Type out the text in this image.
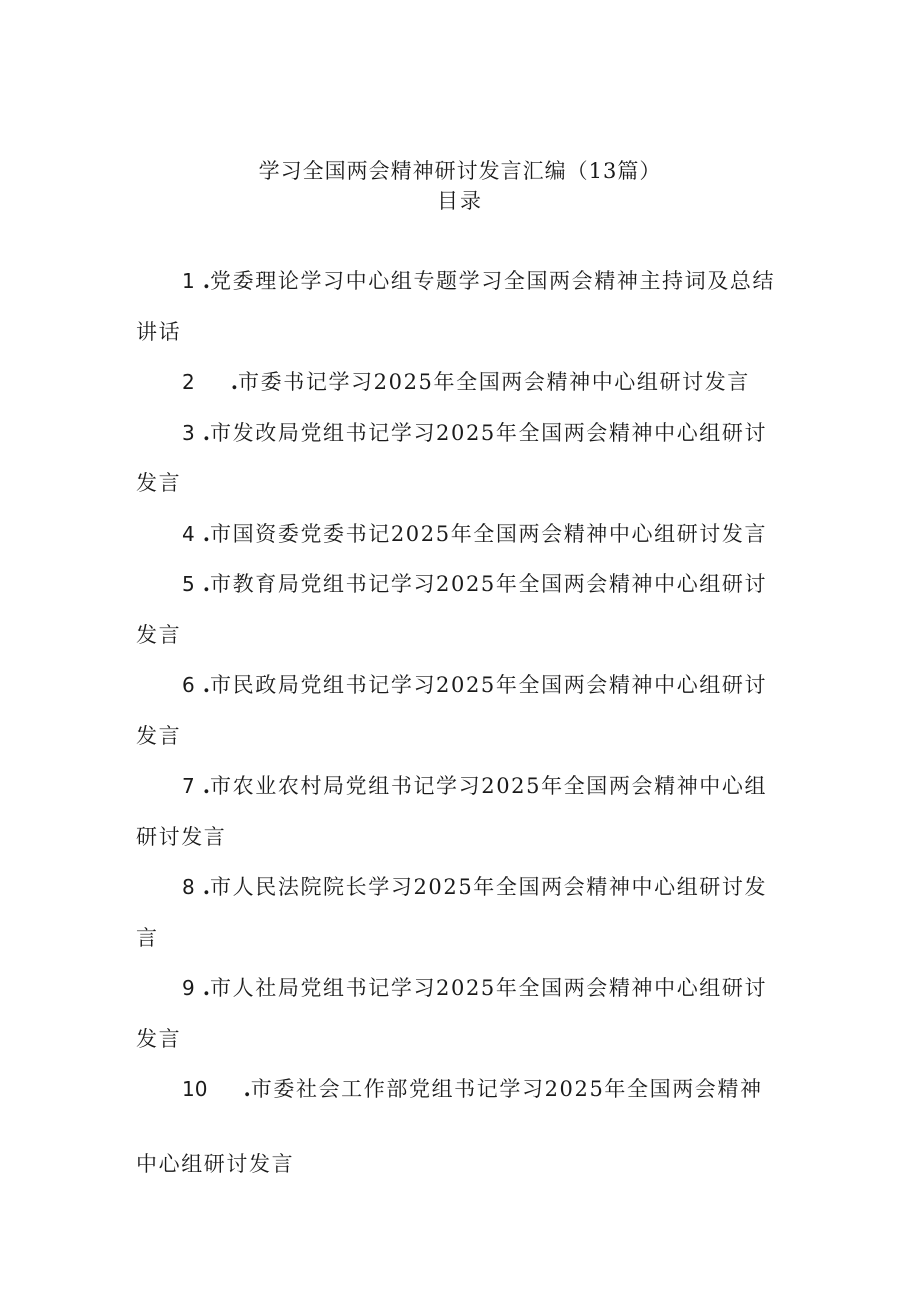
学习全国两会精神研讨发言汇编（13篇）
目录
1 .党委理论学习中心组专题学习全国两会精神主持词及总结讲话
2 .市委书记学习2025年全国两会精神中心组研讨发言
3 .市发改局党组书记学习2025年全国两会精神中心组研讨发言
4 .市国资委党委书记2025年全国两会精神中心组研讨发言
5 .市教育局党组书记学习2025年全国两会精神中心组研讨发言
6 .市民政局党组书记学习2025年全国两会精神中心组研讨发言
7 .市农业农村局党组书记学习2025年全国两会精神中心组研讨发言
8 .市人民法院院长学习2025年全国两会精神中心组研讨发言
9 .市人社局党组书记学习2025年全国两会精神中心组研讨发言
10 .市委社会工作部党组书记学习2025年全国两会精神
中心组研讨发言
